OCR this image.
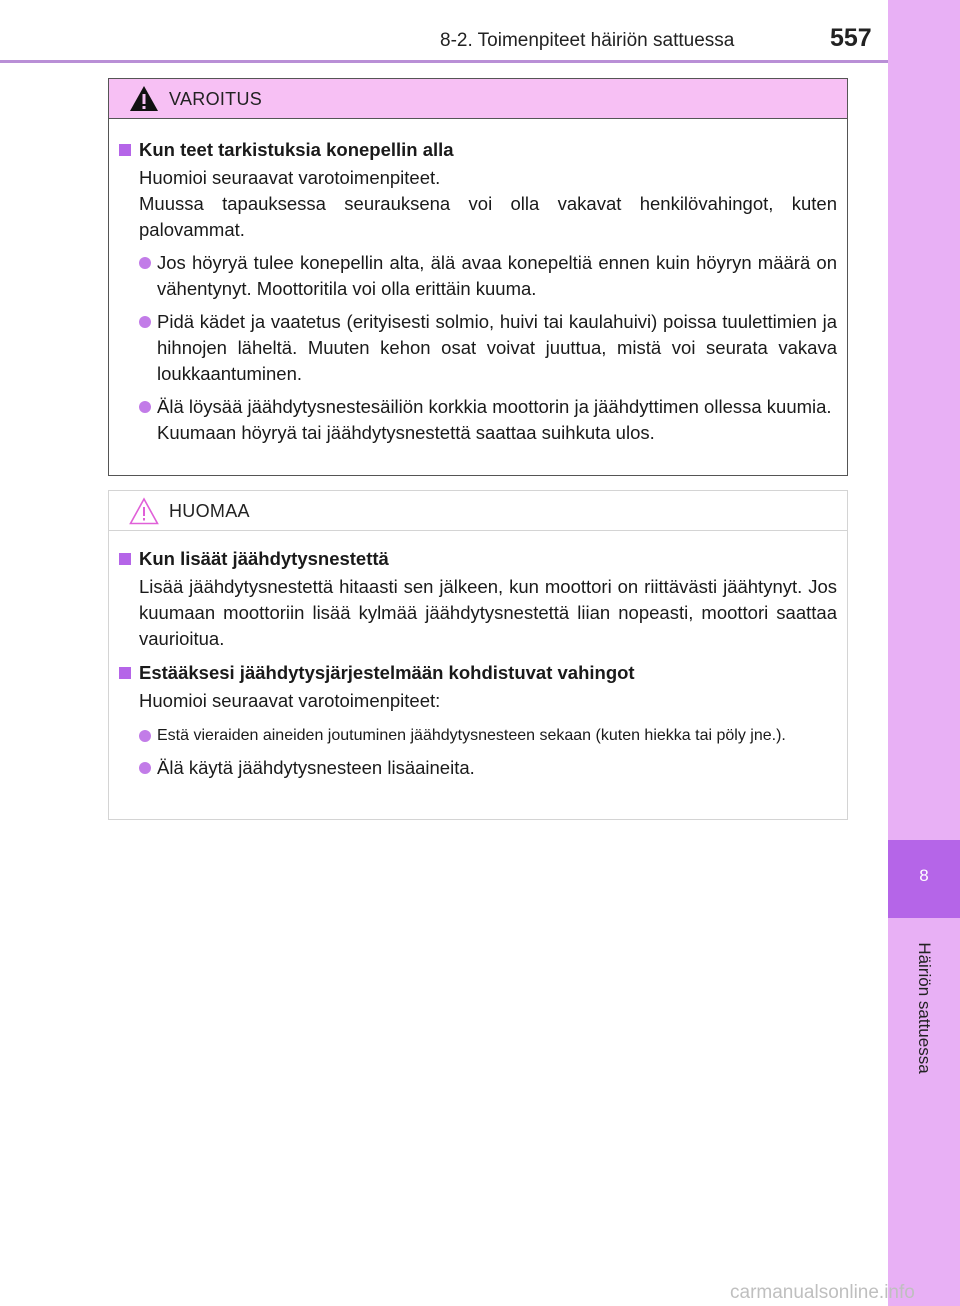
8-2. Toimenpiteet häiriön sattuessa	557
8
Häiriön sattuessa
VAROITUS
Kun teet tarkistuksia konepellin alla
Huomioi seuraavat varotoimenpiteet.
Muussa tapauksessa seurauksena voi olla vakavat henkilövahingot, kuten palovammat.
Jos höyryä tulee konepellin alta, älä avaa konepeltiä ennen kuin höyryn määrä on vähentynyt. Moottoritila voi olla erittäin kuuma.
Pidä kädet ja vaatetus (erityisesti solmio, huivi tai kaulahuivi) poissa tuulettimien ja hihnojen läheltä. Muuten kehon osat voivat juuttua, mistä voi seurata vakava loukkaantuminen.
Älä löysää jäähdytysnestesäiliön korkkia moottorin ja jäähdyttimen ollessa kuumia.
Kuumaan höyryä tai jäähdytysnestettä saattaa suihkuta ulos.
HUOMAA
Kun lisäät jäähdytysnestettä
Lisää jäähdytysnestettä hitaasti sen jälkeen, kun moottori on riittävästi jäähtynyt. Jos kuumaan moottoriin lisää kylmää jäähdytysnestettä liian nopeasti, moottori saattaa vaurioitua.
Estääksesi jäähdytysjärjestelmään kohdistuvat vahingot
Huomioi seuraavat varotoimenpiteet:
Estä vieraiden aineiden joutuminen jäähdytysnesteen sekaan (kuten hiekka tai pöly jne.).
Älä käytä jäähdytysnesteen lisäaineita.
carmanualsonline.info
